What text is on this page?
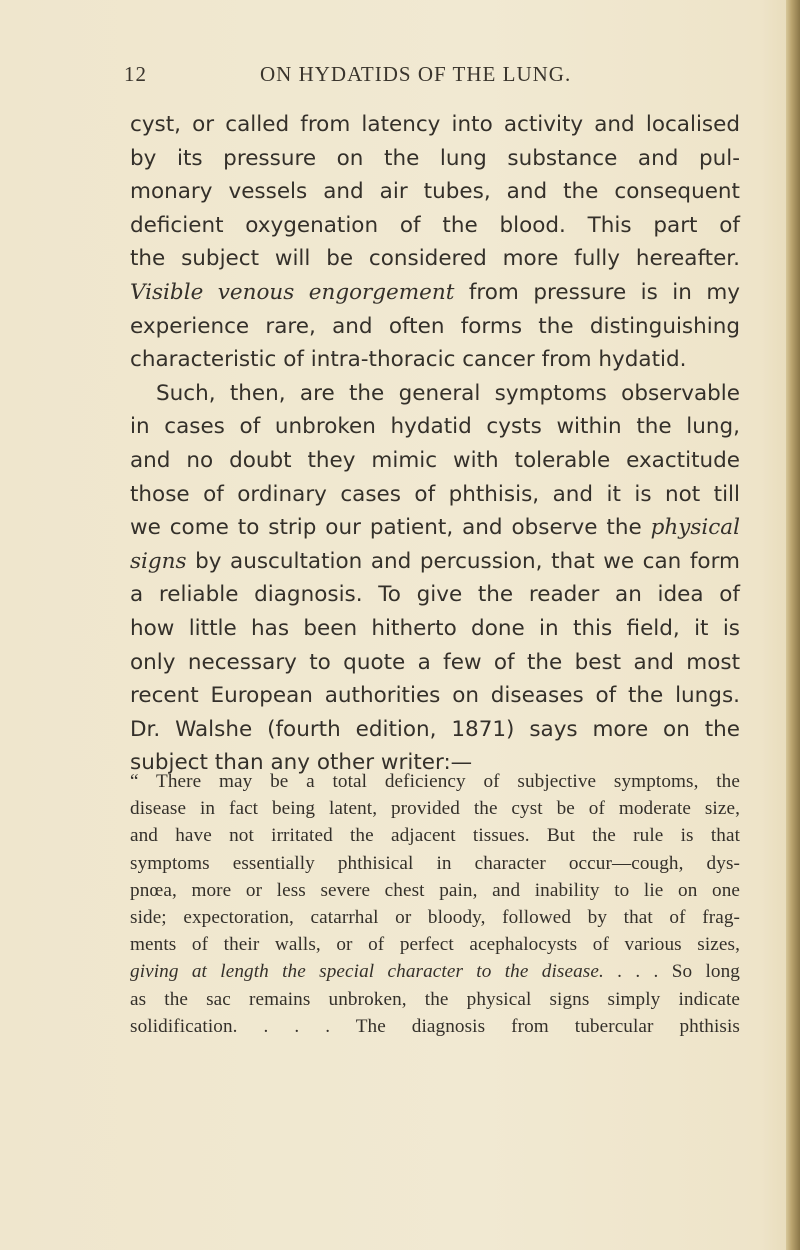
12	ON HYDATIDS OF THE LUNG.
cyst, or called from latency into activity and localised
by its pressure on the lung substance and pul-
monary vessels and air tubes, and the consequent
deficient oxygenation of the blood. This part of
the subject will be considered more fully hereafter.
Visible venous engorgement from pressure is in my
experience rare, and often forms the distinguishing
characteristic of intra-thoracic cancer from hydatid.
Such, then, are the general symptoms observable
in cases of unbroken hydatid cysts within the lung,
and no doubt they mimic with tolerable exactitude
those of ordinary cases of phthisis, and it is not till
we come to strip our patient, and observe the physical
signs by auscultation and percussion, that we can form
a reliable diagnosis. To give the reader an idea of
how little has been hitherto done in this field, it is
only necessary to quote a few of the best and most
recent European authorities on diseases of the lungs.
Dr. Walshe (fourth edition, 1871) says more on the
subject than any other writer:—
“ There may be a total deficiency of subjective symptoms, the
disease in fact being latent, provided the cyst be of moderate size,
and have not irritated the adjacent tissues. But the rule is that
symptoms essentially phthisical in character occur—cough, dys-
pnœa, more or less severe chest pain, and inability to lie on one
side; expectoration, catarrhal or bloody, followed by that of frag-
ments of their walls, or of perfect acephalocysts of various sizes,
giving at length the special character to the disease. . . . So long
as the sac remains unbroken, the physical signs simply indicate
solidification. . . . The diagnosis from tubercular phthisis
